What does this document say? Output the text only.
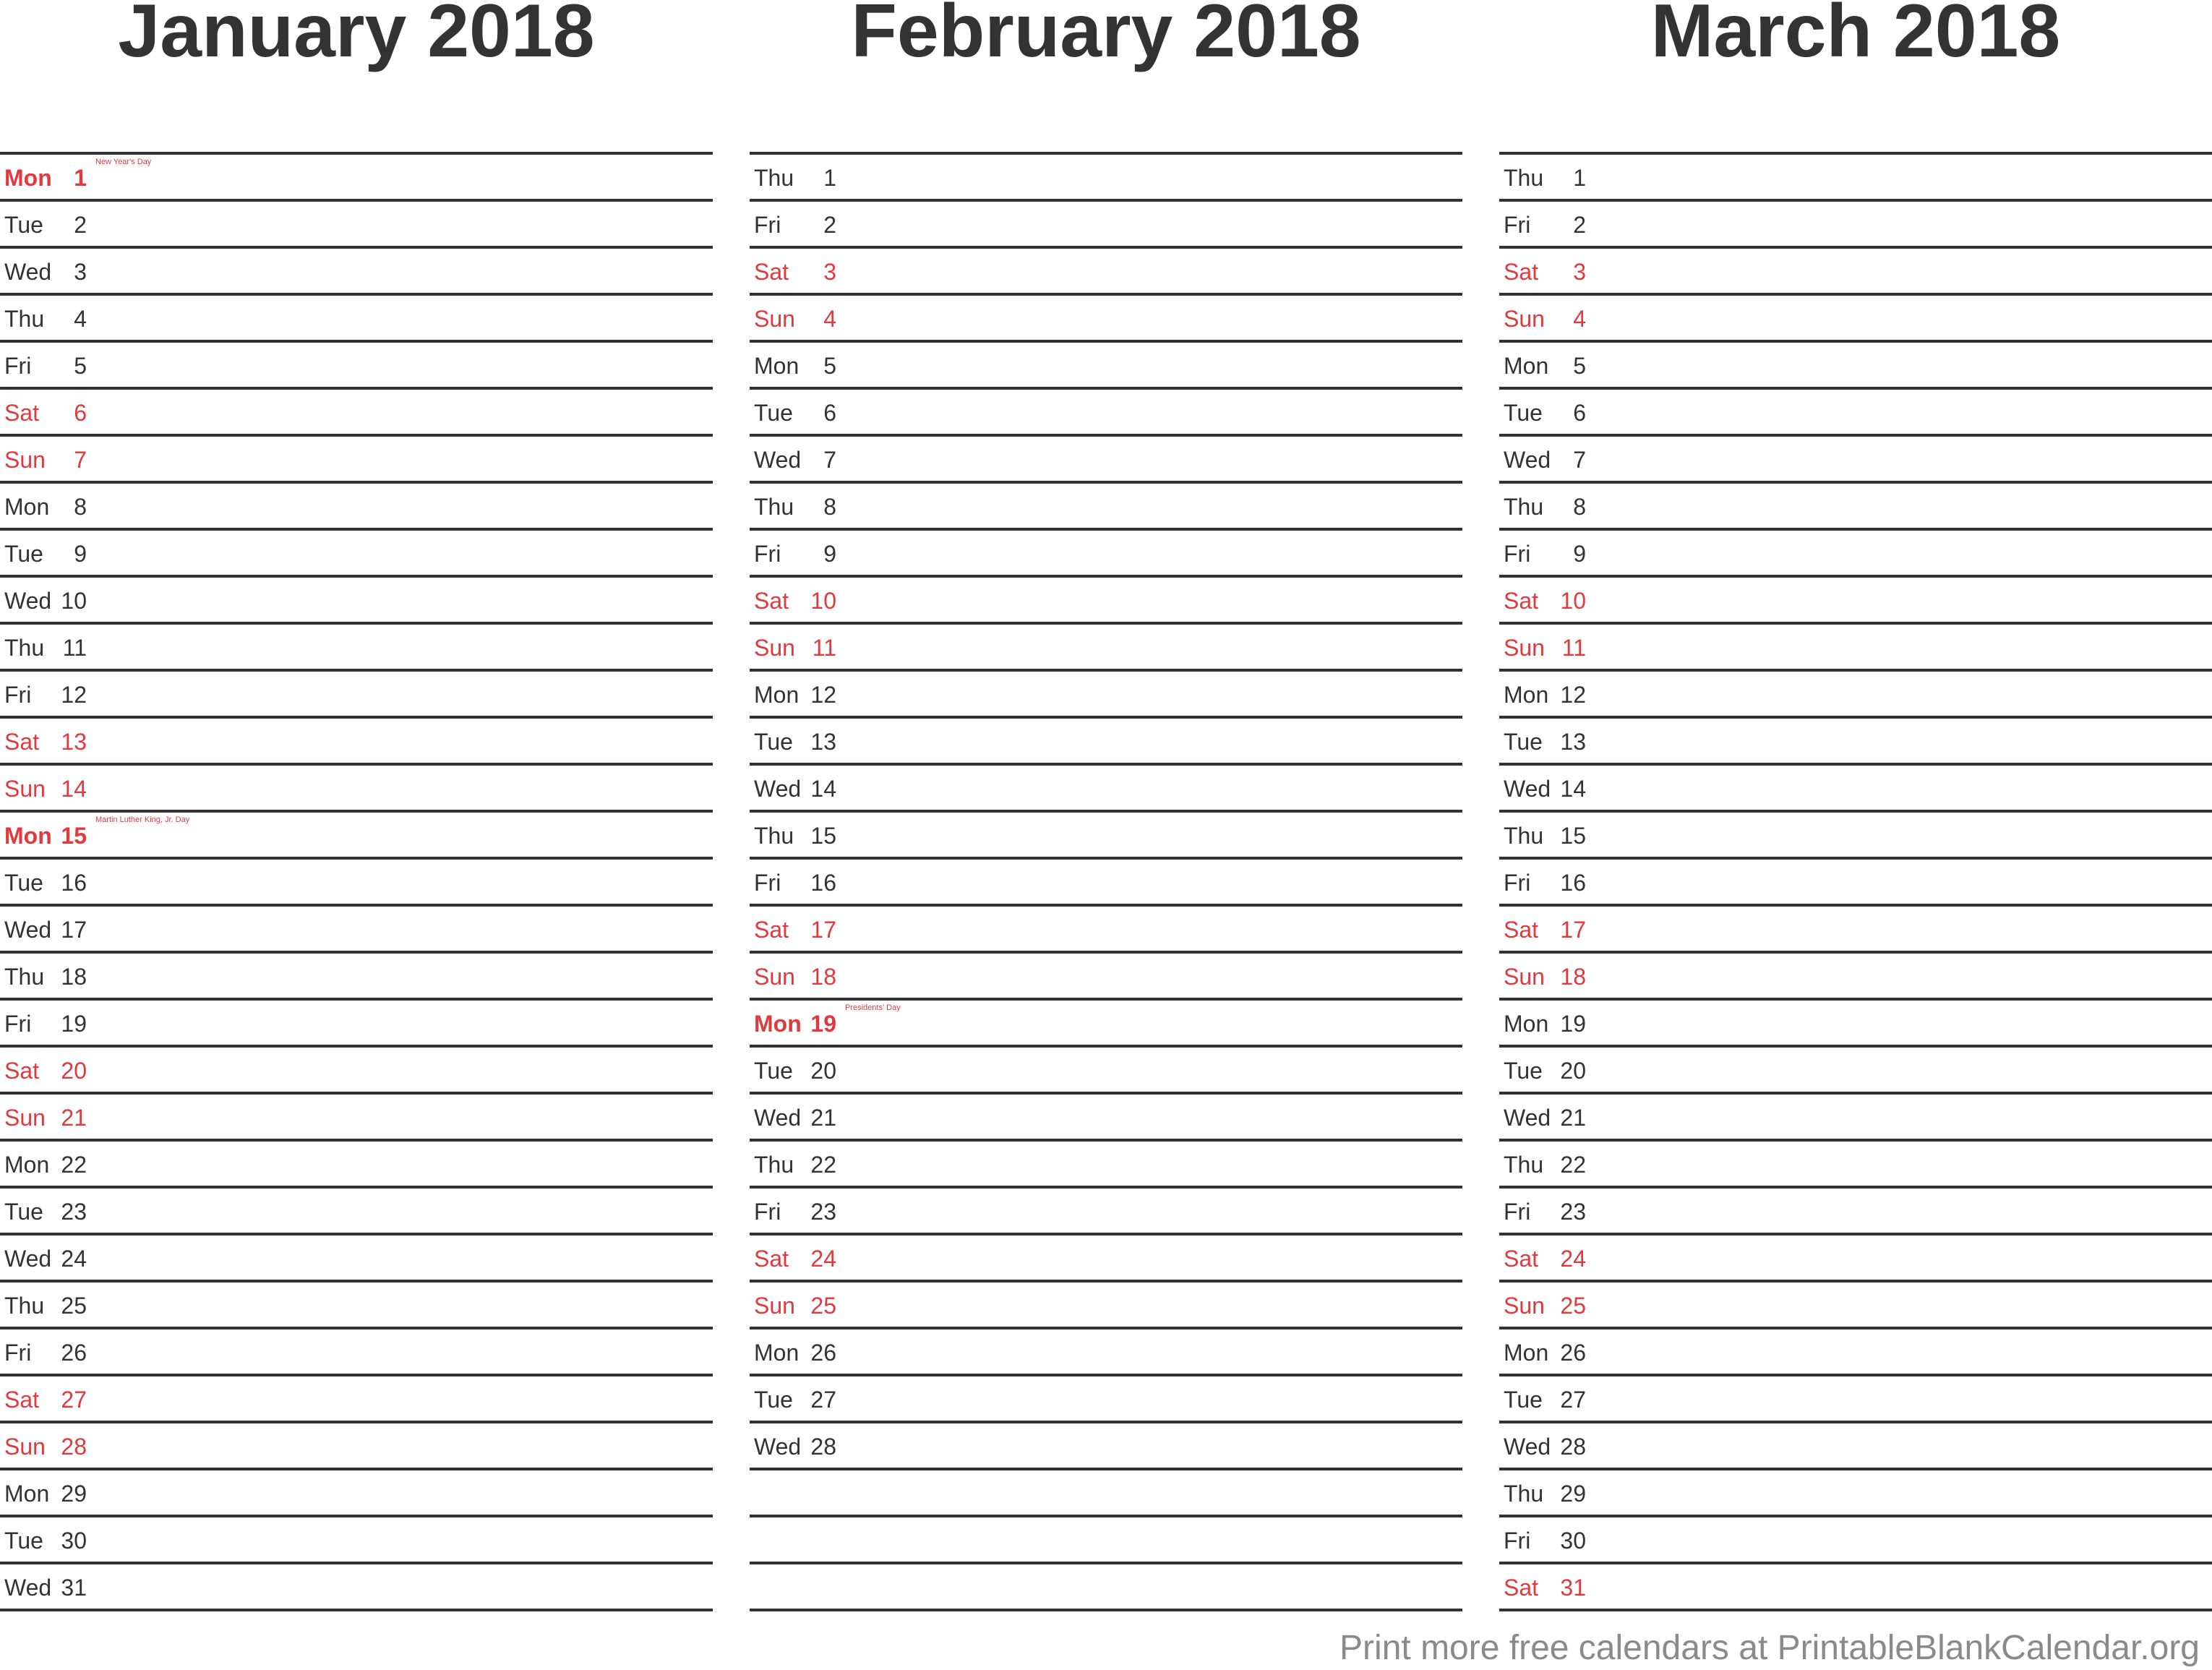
January 2018
Mon 1
New Year's Day
Tue	2
Wed 3
Thu	4
Fri	5
Sat	6
Sun	7
Mon	8
Tue	9
Wed 10
Thu 11
Fri	12
Sat 13
Sun 14
Mon 15
Martin Luther King, Jr. Day
Tue 16
Wed 17
Thu 18
Fri	19
Sat 20
Sun 21
Mon 22
Tue 23
Wed 24
Thu 25
Fri	26
Sat 27
Sun 28
Mon 29
Tue 30
Wed 31
February 2018
Thu	1
Fri	2
Sat	3
Sun	4
Mon	5
Tue	6
Wed 7
Thu	8
Fri	9
Sat 10
Sun 11
Mon 12
Tue 13
Wed 14
Thu 15
Fri	16
Sat 17
Sun 18
Mon 19
Presidents' Day
Tue 20
Wed 21
Thu 22
Fri	23
Sat 24
Sun 25
Mon 26
Tue 27
Wed 28
March 2018
Thu	1
Fri	2
Sat	3
Sun	4
Mon	5
Tue	6
Wed 7
Thu	8
Fri	9
Sat 10
Sun 11
Mon 12
Tue 13
Wed 14
Thu 15
Fri	16
Sat 17
Sun 18
Mon 19
Tue 20
Wed 21
Thu 22
Fri	23
Sat 24
Sun 25
Mon 26
Tue 27
Wed 28
Thu 29
Fri	30
Sat 31
Print more free calendars at PrintableBlankCalendar.org
